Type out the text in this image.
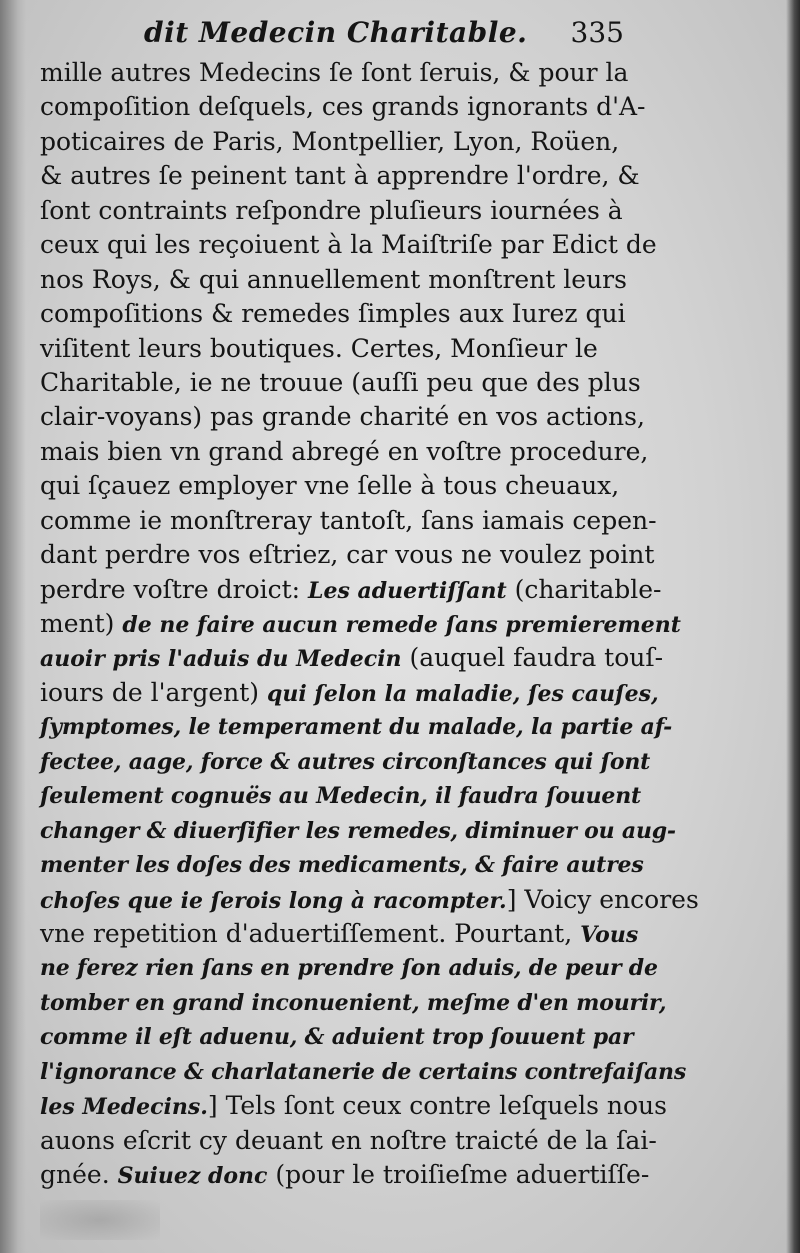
dit Medecin Charitable. 335
mille autres Medecins ſe ſont ſeruis, & pour la
compoſition deſquels, ces grands ignorants d'A-
poticaires de Paris, Montpellier, Lyon, Roüen,
& autres ſe peinent tant à apprendre l'ordre, &
ſont contraints reſpondre pluſieurs iournées à
ceux qui les reçoiuent à la Maiſtriſe par Edict de
nos Roys, & qui annuellement monſtrent leurs
compoſitions & remedes ſimples aux Iurez qui
viſitent leurs boutiques. Certes, Monſieur le
Charitable, ie ne trouue (auſſi peu que des plus
clair-voyans) pas grande charité en vos actions,
mais bien vn grand abregé en voſtre procedure,
qui ſçauez employer vne ſelle à tous cheuaux,
comme ie monſtreray tantoſt, ſans iamais cepen-
dant perdre vos eſtriez, car vous ne voulez point
perdre voſtre droict: Les aduertiſſant (charitable-
ment) de ne faire aucun remede ſans premierement
auoir pris l'aduis du Medecin (auquel faudra touſ-
iours de l'argent) qui ſelon la maladie, ſes cauſes,
ſymptomes, le temperament du malade, la partie af-
fectee, aage, force & autres circonſtances qui ſont
ſeulement cognuës au Medecin, il faudra ſouuent
changer & diuerſifier les remedes, diminuer ou aug-
menter les doſes des medicaments, & faire autres
choſes que ie ſerois long à racompter.] Voicy encores
vne repetition d'aduertiſſement. Pourtant, Vous
ne ferez rien ſans en prendre ſon aduis, de peur de
tomber en grand inconuenient, meſme d'en mourir,
comme il eſt aduenu, & aduient trop ſouuent par
l'ignorance & charlatanerie de certains contrefaiſans
les Medecins.] Tels ſont ceux contre leſquels nous
auons eſcrit cy deuant en noſtre traicté de la ſai-
gnée. Suiuez donc (pour le troiſieſme aduertiſſe-
